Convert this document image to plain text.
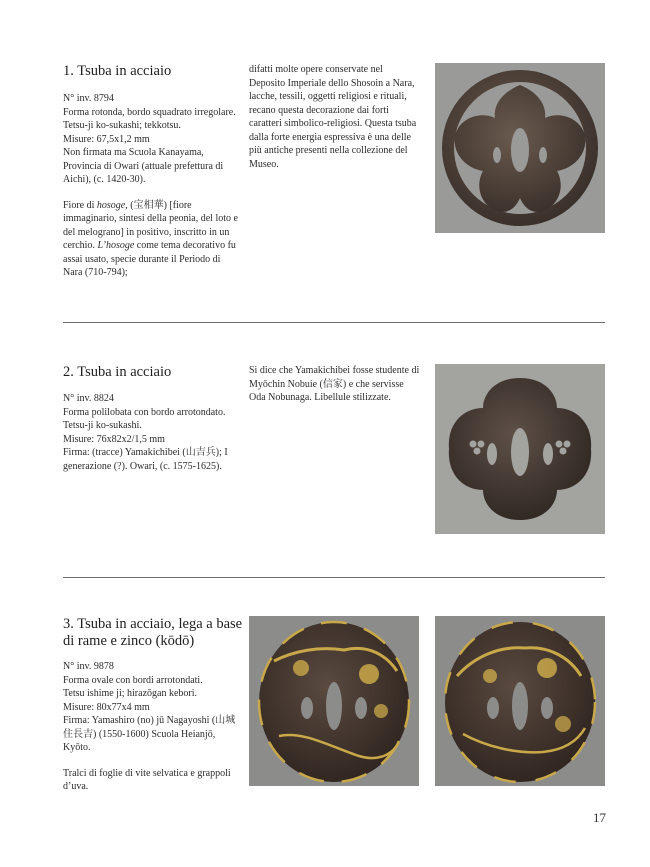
1. Tsuba in acciaio

N° inv. 8794

Forma rotonda, bordo squadrato irregolare.

Tetsu-ji ko-sukashi; tekkotsu.

Misure: 67,5x1,2 mm

Non firmata ma Scuola Kanayama, Provincia di Owari (attuale prefettura di Aichi), (c. 1420-30).

Fiore di hosoge, (宝相華) [fiore immaginario, sintesi della peonia, del loto e del melograno] in positivo, inscritto in un cerchio. L’hosoge come tema decorativo fu assai usato, specie durante il Periodo di Nara (710-794);

difatti molte opere conservate nel Deposito Imperiale dello Shosoin a Nara, lacche, tessili, oggetti religiosi e rituali, recano questa decorazione dai forti caratteri simbolico-religiosi. Questa tsuba dalla forte energia espressiva è una delle più antiche presenti nella collezione del Museo.

2. Tsuba in acciaio

N° inv. 8824

Forma polilobata con bordo arrotondato.

Tetsu-ji ko-sukashi.

Misure: 76x82x2/1,5 mm

Firma: (tracce) Yamakichibei (山吉兵); I generazione (?). Owari, (c. 1575-1625).

Si dice che Yamakichibei fosse studente di Myōchin Nobuie (信家) e che servisse Oda Nobunaga. Libellule stilizzate.

3. Tsuba in acciaio, lega a base di rame e zinco (kōdō)

N° inv. 9878

Forma ovale con bordi arrotondati.

Tetsu ishime ji; hirazōgan kebori.

Misure: 80x77x4 mm

Firma: Yamashiro (no) jū Nagayoshi (山城住長吉) (1550-1600) Scuola Heianjō, Kyōto.

Tralci di foglie di vite selvatica e grappoli d’uva.

17
